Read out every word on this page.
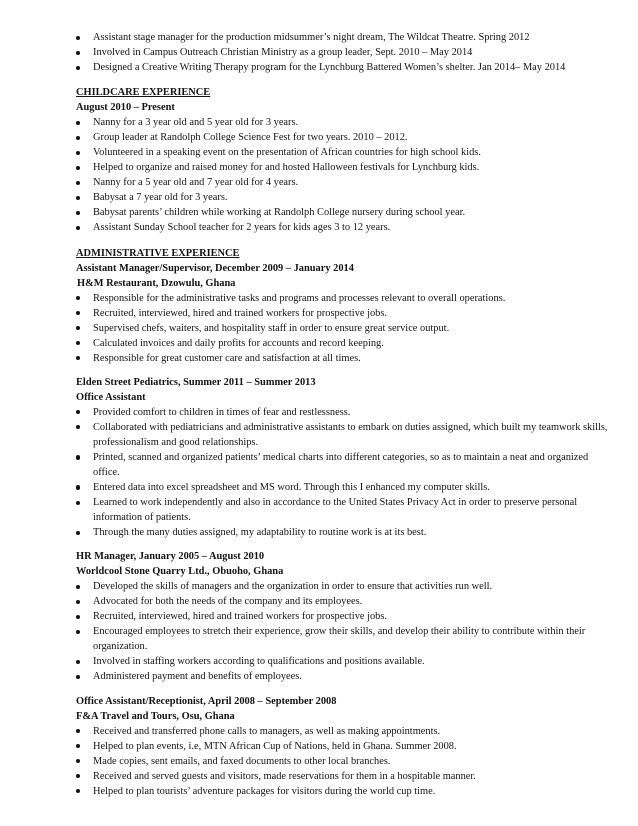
Assistant stage manager for the production midsummer’s night dream, The Wildcat Theatre. Spring 2012
Involved in Campus Outreach Christian Ministry as a group leader, Sept. 2010 – May 2014
Designed a Creative Writing Therapy program for the Lynchburg Battered Women’s shelter. Jan 2014– May 2014

CHILDCARE EXPERIENCE

August 2010 – Present

Nanny for a 3 year old and 5 year old for 3 years.
Group leader at Randolph College Science Fest for two years. 2010 – 2012.
Volunteered in a speaking event on the presentation of African countries for high school kids.
Helped to organize and raised money for and hosted Halloween festivals for Lynchburg kids.
Nanny for a 5 year old and 7 year old for 4 years.
Babysat a 7 year old for 3 years.
Babysat parents’ children while working at Randolph College nursery during school year.
Assistant Sunday School teacher for 2 years for kids ages 3 to 12 years.

ADMINISTRATIVE EXPERIENCE

Assistant Manager/Supervisor, December 2009 – January 2014

H&M Restaurant, Dzowulu, Ghana

Responsible for the administrative tasks and programs and processes relevant to overall operations.
Recruited, interviewed, hired and trained workers for prospective jobs.
Supervised chefs, waiters, and hospitality staff in order to ensure great service output.
Calculated invoices and daily profits for accounts and record keeping.
Responsible for great customer care and satisfaction at all times.

Elden Street Pediatrics, Summer 2011 – Summer 2013

Office Assistant

Provided comfort to children in times of fear and restlessness.
Collaborated with pediatricians and administrative assistants to embark on duties assigned, which built my teamwork skills, professionalism and good relationships.
Printed, scanned and organized patients’ medical charts into different categories, so as to maintain a neat and organized office.
Entered data into excel spreadsheet and MS word. Through this I enhanced my computer skills.
Learned to work independently and also in accordance to the United States Privacy Act in order to preserve personal information of patients.
Through the many duties assigned, my adaptability to routine work is at its best.

HR Manager, January 2005 – August 2010

Worldcool Stone Quarry Ltd., Obuoho, Ghana

Developed the skills of managers and the organization in order to ensure that activities run well.
Advocated for both the needs of the company and its employees.
Recruited, interviewed, hired and trained workers for prospective jobs.
Encouraged employees to stretch their experience, grow their skills, and develop their ability to contribute within their organization.
Involved in staffing workers according to qualifications and positions available.
Administered payment and benefits of employees.

Office Assistant/Receptionist, April 2008 – September 2008

F&A Travel and Tours, Osu, Ghana

Received and transferred phone calls to managers, as well as making appointments.
Helped to plan events, i.e, MTN African Cup of Nations, held in Ghana. Summer 2008.
Made copies, sent emails, and faxed documents to other local branches.
Received and served guests and visitors, made reservations for them in a hospitable manner.
Helped to plan tourists’ adventure packages for visitors during the world cup time.
